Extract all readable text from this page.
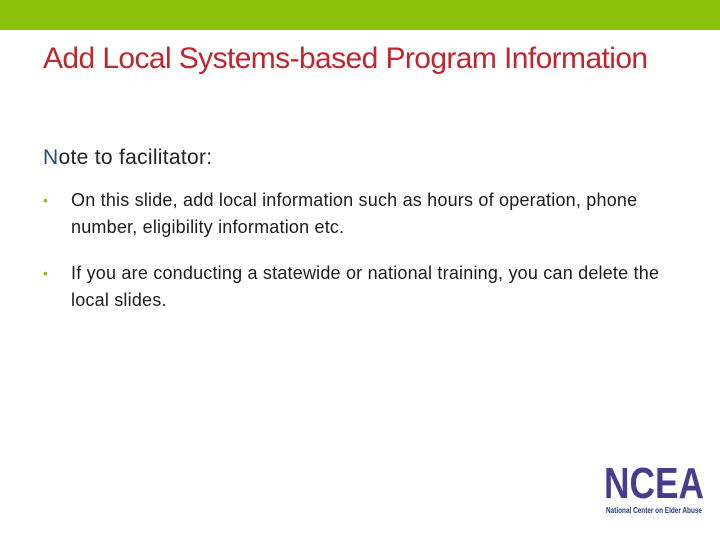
Add Local Systems-based Program Information
Note to facilitator:
• On this slide, add local information such as hours of operation, phone number, eligibility information etc.
• If you are conducting a statewide or national training, you can delete the local slides.
NCEA
National Center on Elder Abuse
